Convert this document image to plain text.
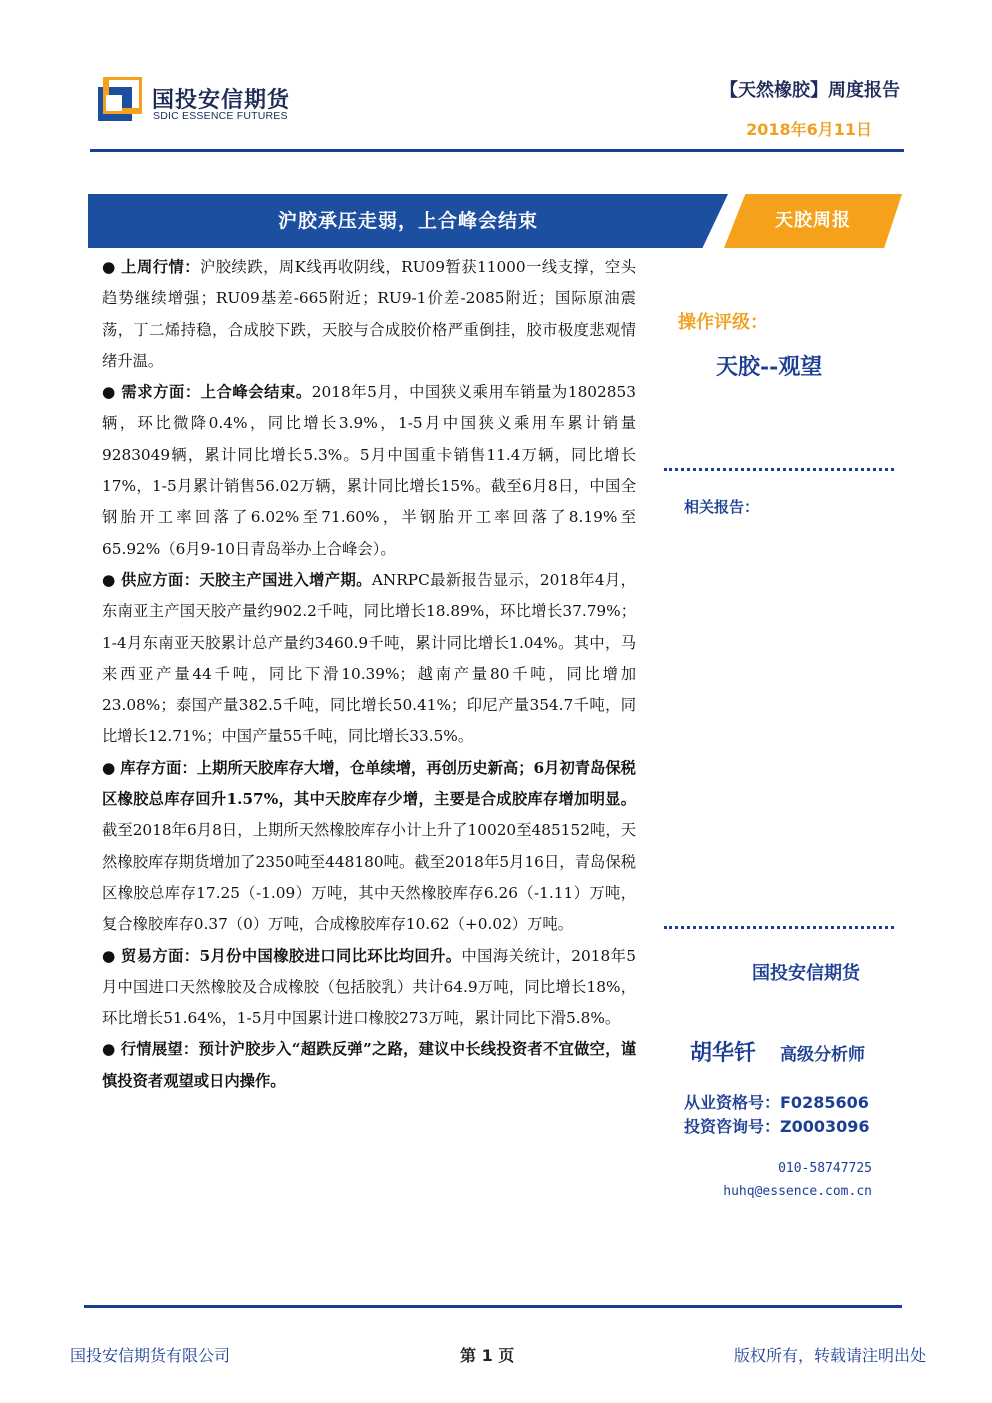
国投安信期货
SDIC ESSENCE FUTURES
【天然橡胶】周度报告
2018年6月11日
沪胶承压走弱，上合峰会结束	天胶周报

● 上周行情：沪胶续跌，周K线再收阴线，RU09暂获11000一线支撑，空头趋势继续增强；RU09基差-665附近；RU9-1价差-2085附近；国际原油震荡，丁二烯持稳，合成胶下跌，天胶与合成胶价格严重倒挂，胶市极度悲观情绪升温。

● 需求方面：上合峰会结束。2018年5月，中国狭义乘用车销量为1802853辆，环比微降0.4%，同比增长3.9%，1-5月中国狭义乘用车累计销量9283049辆，累计同比增长5.3%。5月中国重卡销售11.4万辆，同比增长17%，1-5月累计销售56.02万辆，累计同比增长15%。截至6月8日，中国全钢胎开工率回落了6.02%至71.60%，半钢胎开工率回落了8.19%至65.92%（6月9-10日青岛举办上合峰会）。

● 供应方面：天胶主产国进入增产期。ANRPC最新报告显示，2018年4月，东南亚主产国天胶产量约902.2千吨，同比增长18.89%，环比增长37.79%；1-4月东南亚天胶累计总产量约3460.9千吨，累计同比增长1.04%。其中，马来西亚产量44千吨，同比下滑10.39%；越南产量80千吨，同比增加23.08%；泰国产量382.5千吨，同比增长50.41%；印尼产量354.7千吨，同比增长12.71%；中国产量55千吨，同比增长33.5%。

● 库存方面：上期所天胶库存大增，仓单续增，再创历史新高；6月初青岛保税区橡胶总库存回升1.57%，其中天胶库存少增，主要是合成胶库存增加明显。截至2018年6月8日，上期所天然橡胶库存小计上升了10020至485152吨，天然橡胶库存期货增加了2350吨至448180吨。截至2018年5月16日，青岛保税区橡胶总库存17.25（-1.09）万吨，其中天然橡胶库存6.26（-1.11）万吨，复合橡胶库存0.37（0）万吨，合成橡胶库存10.62（+0.02）万吨。

● 贸易方面：5月份中国橡胶进口同比环比均回升。中国海关统计，2018年5月中国进口天然橡胶及合成橡胶（包括胶乳）共计64.9万吨，同比增长18%，环比增长51.64%，1-5月中国累计进口橡胶273万吨，累计同比下滑5.8%。

● 行情展望：预计沪胶步入“超跌反弹”之路，建议中长线投资者不宜做空，谨慎投资者观望或日内操作。

操作评级：
天胶--观望
相关报告：
国投安信期货
胡华钎 高级分析师
从业资格号：F0285606
投资咨询号：Z0003096
010-58747725
huhq@essence.com.cn
国投安信期货有限公司	第 1 页	版权所有，转载请注明出处
